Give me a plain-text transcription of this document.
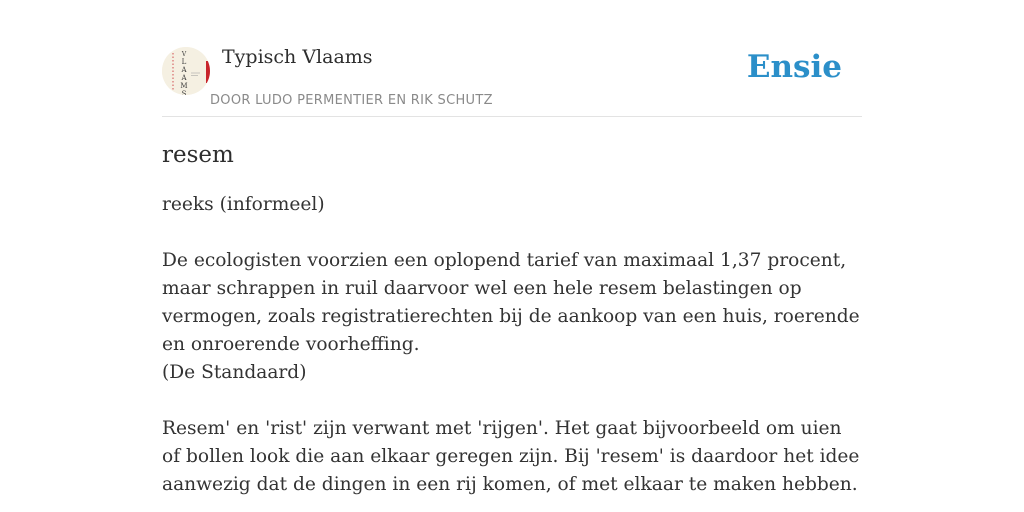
V
L
A
A
M
S
Typisch Vlaams
DOOR LUDO PERMENTIER EN RIK SCHUTZ
Ensie
resem
reeks (informeel)
De ecologisten voorzien een oplopend tarief van maximaal 1,37 procent, maar schrappen in ruil daarvoor wel een hele resem belastingen op vermogen, zoals registratierechten bij de aankoop van een huis, roerende en onroerende voorheffing.
(De Standaard)
Resem' en 'rist' zijn verwant met 'rijgen'. Het gaat bijvoorbeeld om uien of bollen look die aan elkaar geregen zijn. Bij 'resem' is daardoor het idee aanwezig dat de dingen in een rij komen, of met elkaar te maken hebben.
